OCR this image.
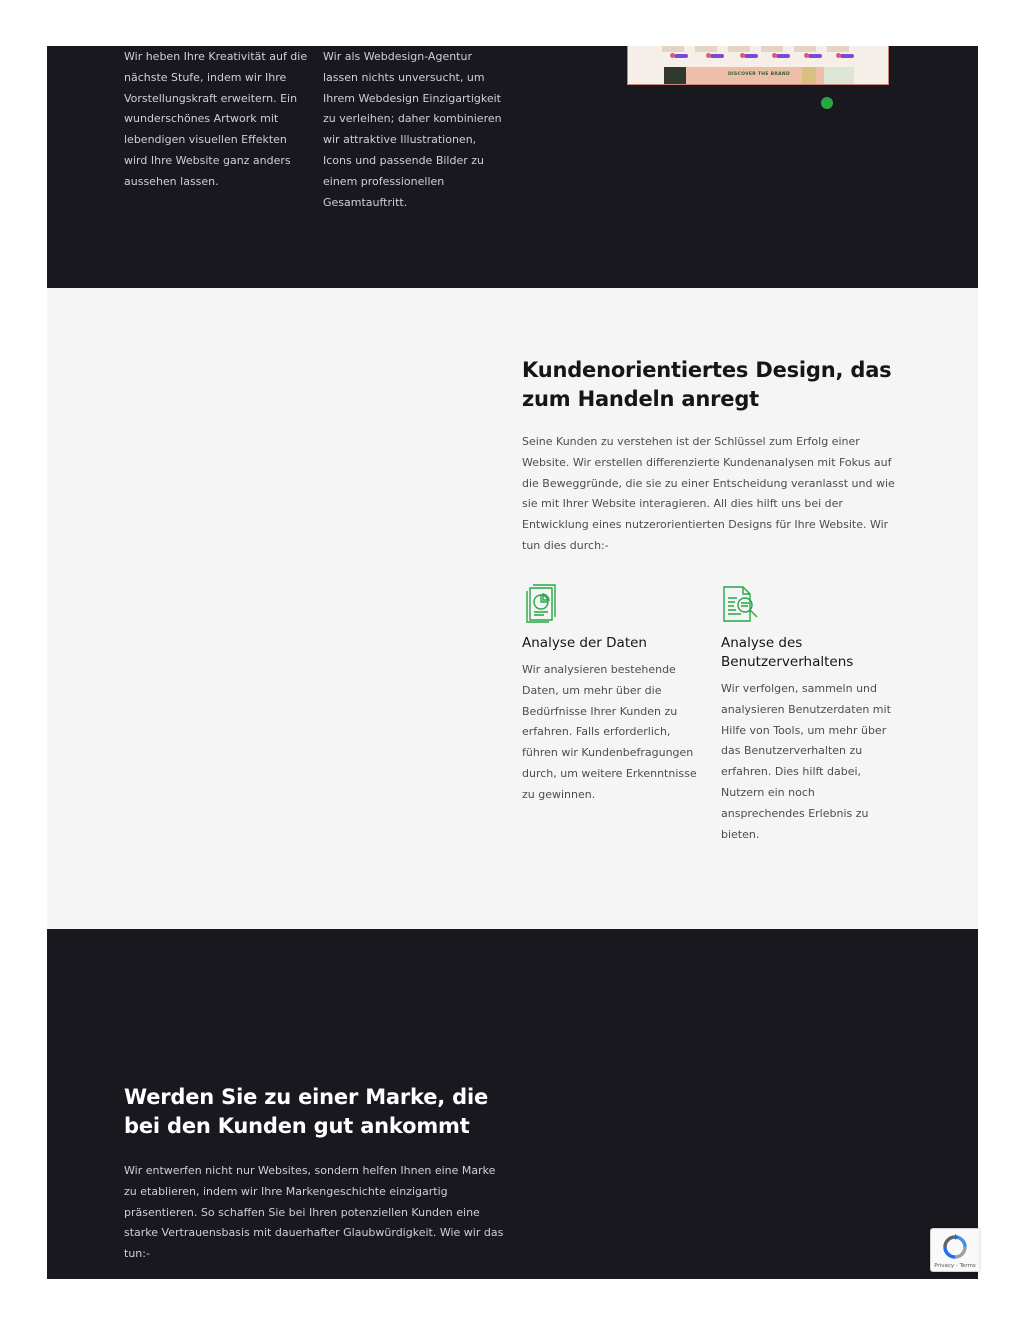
Wir heben Ihre Kreativität auf die nächste Stufe, indem wir Ihre Vorstellungskraft erweitern. Ein wunderschönes Artwork mit lebendigen visuellen Effekten wird Ihre Website ganz anders aussehen lassen.

Wir als Webdesign-Agentur lassen nichts unversucht, um Ihrem Webdesign Einzigartigkeit zu verleihen; daher kombinieren wir attraktive Illustrationen, Icons und passende Bilder zu einem professionellen Gesamtauftritt.

DISCOVER THE BRAND
Kundenorientiertes Design, das zum Handeln anregt

Seine Kunden zu verstehen ist der Schlüssel zum Erfolg einer Website. Wir erstellen differenzierte Kundenanalysen mit Fokus auf die Beweggründe, die sie zu einer Entscheidung veranlasst und wie sie mit Ihrer Website interagieren. All dies hilft uns bei der Entwicklung eines nutzerorientierten Designs für Ihre Website. Wir tun dies durch:-

Analyse der Daten

Wir analysieren bestehende Daten, um mehr über die Bedürfnisse Ihrer Kunden zu erfahren. Falls erforderlich, führen wir Kundenbefragungen durch, um weitere Erkenntnisse zu gewinnen.

Analyse des Benutzerverhaltens

Wir verfolgen, sammeln und analysieren Benutzerdaten mit Hilfe von Tools, um mehr über das Benutzerverhalten zu erfahren. Dies hilft dabei, Nutzern ein noch ansprechendes Erlebnis zu bieten.

Werden Sie zu einer Marke, die bei den Kunden gut ankommt

Wir entwerfen nicht nur Websites, sondern helfen Ihnen eine Marke zu etablieren, indem wir Ihre Markengeschichte einzigartig präsentieren. So schaffen Sie bei Ihren potenziellen Kunden eine starke Vertrauensbasis mit dauerhafter Glaubwürdigkeit. Wie wir das tun:-

Privacy - Terms
